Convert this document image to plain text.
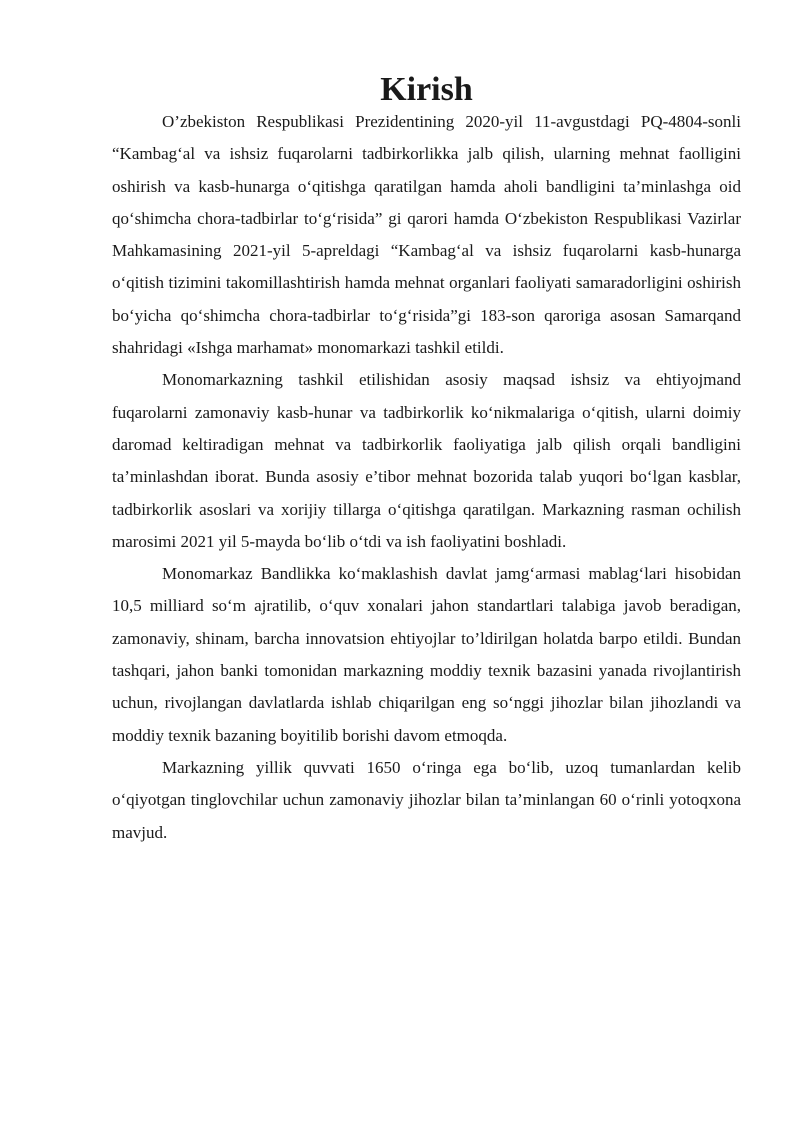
Kirish

O’zbekiston Respublikasi Prezidentining 2020-yil 11-avgustdagi PQ-4804-sonli “Kambag‘al va ishsiz fuqarolarni tadbirkorlikka jalb qilish, ularning mehnat faolligini oshirish va kasb-hunarga o‘qitishga qaratilgan hamda aholi bandligini ta’minlashga oid qo‘shimcha chora-tadbirlar to‘g‘risida” gi qarori hamda O‘zbekiston Respublikasi Vazirlar Mahkamasining 2021-yil 5-apreldagi “Kambag‘al va ishsiz fuqarolarni kasb-hunarga o‘qitish tizimini takomillashtirish hamda mehnat organlari faoliyati samaradorligini oshirish bo‘yicha qo‘shimcha chora-tadbirlar to‘g‘risida”gi 183-son qaroriga asosan Samarqand shahridagi «Ishga marhamat» monomarkazi tashkil etildi.

Monomarkazning tashkil etilishidan asosiy maqsad ishsiz va ehtiyojmand fuqarolarni zamonaviy kasb-hunar va tadbirkorlik ko‘nikmalariga o‘qitish, ularni doimiy daromad keltiradigan mehnat va tadbirkorlik faoliyatiga jalb qilish orqali bandligini ta’minlashdan iborat. Bunda asosiy e’tibor mehnat bozorida talab yuqori bo‘lgan kasblar, tadbirkorlik asoslari va xorijiy tillarga o‘qitishga qaratilgan. Markazning rasman ochilish marosimi 2021 yil 5-mayda bo‘lib o‘tdi va ish faoliyatini boshladi.

Monomarkaz Bandlikka ko‘maklashish davlat jamg‘armasi mablag‘lari hisobidan 10,5 milliard so‘m ajratilib, o‘quv xonalari jahon standartlari talabiga javob beradigan, zamonaviy, shinam, barcha innovatsion ehtiyojlar to’ldirilgan holatda barpo etildi. Bundan tashqari, jahon banki tomonidan markazning moddiy texnik bazasini yanada rivojlantirish uchun, rivojlangan davlatlarda ishlab chiqarilgan eng so‘nggi jihozlar bilan jihozlandi va moddiy texnik bazaning boyitilib borishi davom etmoqda.

Markazning yillik quvvati 1650 o‘ringa ega bo‘lib, uzoq tumanlardan kelib o‘qiyotgan tinglovchilar uchun zamonaviy jihozlar bilan ta’minlangan 60 o‘rinli yotoqxona mavjud.
